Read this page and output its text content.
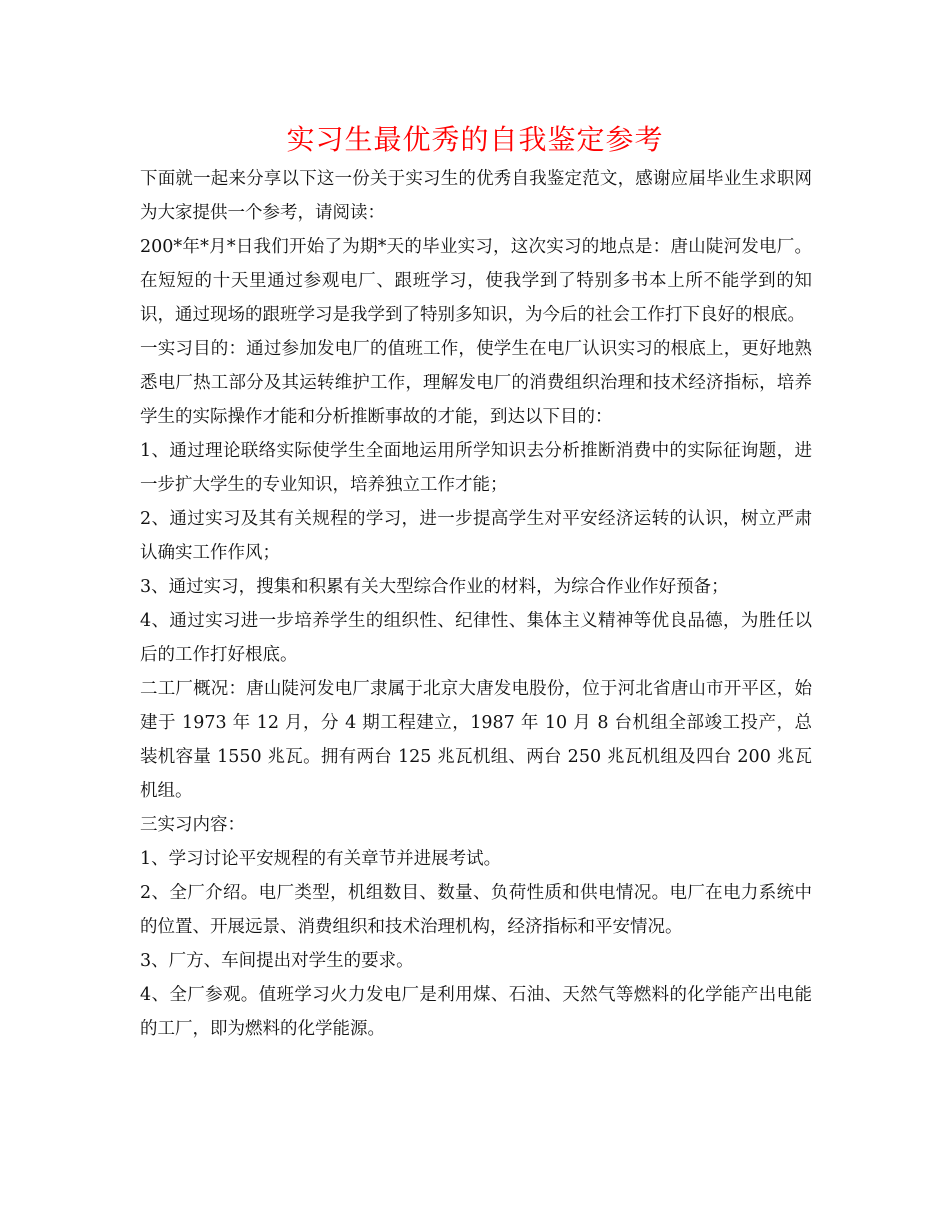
实习生最优秀的自我鉴定参考

下面就一起来分享以下这一份关于实习生的优秀自我鉴定范文，感谢应届毕业生求职网为大家提供一个参考，请阅读：

200*年*月*日我们开始了为期*天的毕业实习，这次实习的地点是：唐山陡河发电厂。在短短的十天里通过参观电厂、跟班学习，使我学到了特别多书本上所不能学到的知识，通过现场的跟班学习是我学到了特别多知识，为今后的社会工作打下良好的根底。

一实习目的：通过参加发电厂的值班工作，使学生在电厂认识实习的根底上，更好地熟悉电厂热工部分及其运转维护工作，理解发电厂的消费组织治理和技术经济指标，培养学生的实际操作才能和分析推断事故的才能，到达以下目的：

1、通过理论联络实际使学生全面地运用所学知识去分析推断消费中的实际征询题，进一步扩大学生的专业知识，培养独立工作才能；

2、通过实习及其有关规程的学习，进一步提高学生对平安经济运转的认识，树立严肃认确实工作作风；

3、通过实习，搜集和积累有关大型综合作业的材料，为综合作业作好预备；

4、通过实习进一步培养学生的组织性、纪律性、集体主义精神等优良品德，为胜任以后的工作打好根底。

二工厂概况：唐山陡河发电厂隶属于北京大唐发电股份，位于河北省唐山市开平区，始建于 1973 年 12 月，分 4 期工程建立，1987 年 10 月 8 台机组全部竣工投产，总装机容量 1550 兆瓦。拥有两台 125 兆瓦机组、两台 250 兆瓦机组及四台 200 兆瓦机组。

三实习内容：

1、学习讨论平安规程的有关章节并进展考试。

2、全厂介绍。电厂类型，机组数目、数量、负荷性质和供电情况。电厂在电力系统中的位置、开展远景、消费组织和技术治理机构，经济指标和平安情况。

3、厂方、车间提出对学生的要求。

4、全厂参观。值班学习火力发电厂是利用煤、石油、天然气等燃料的化学能产出电能的工厂，即为燃料的化学能源。
